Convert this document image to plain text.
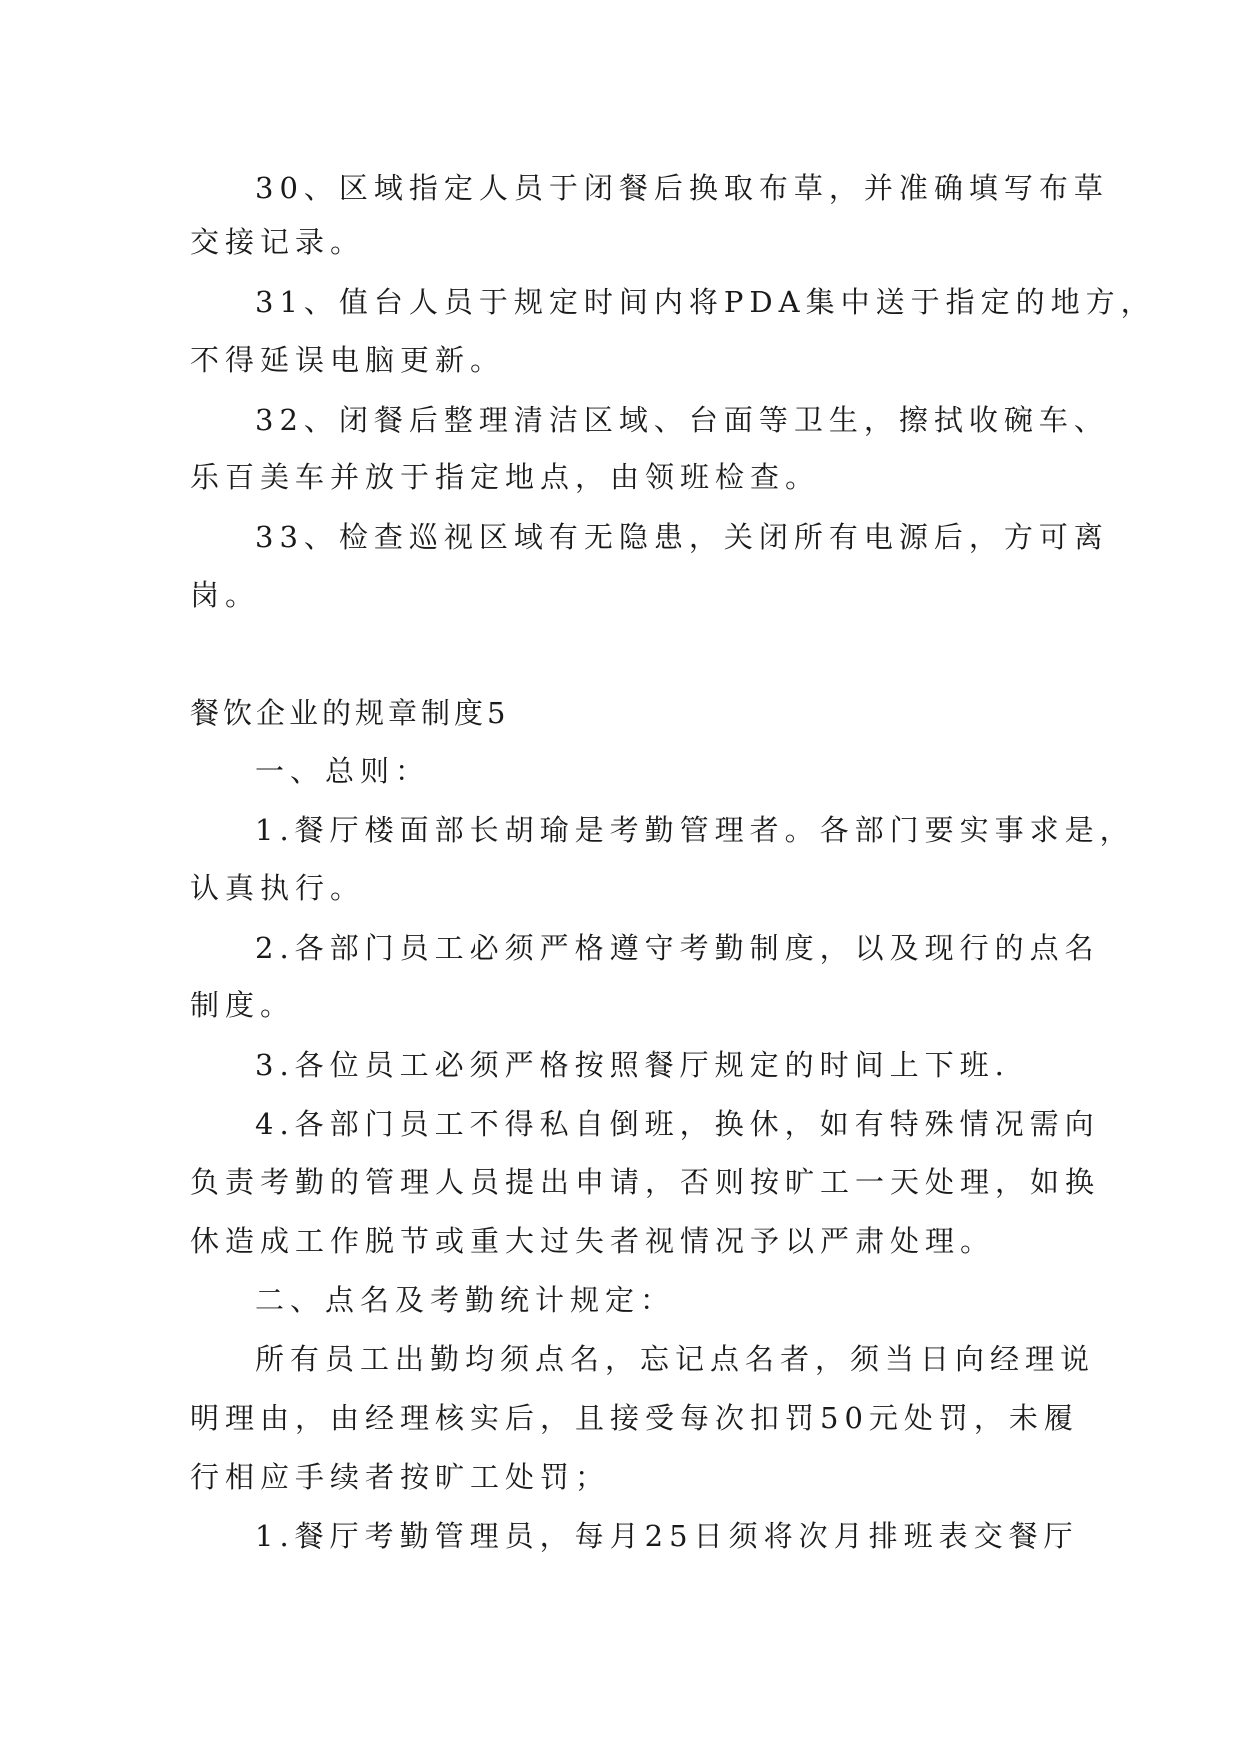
30、区域指定人员于闭餐后换取布草，并准确填写布草
交接记录。
31、值台人员于规定时间内将PDA集中送于指定的地方，
不得延误电脑更新。
32、闭餐后整理清洁区域、台面等卫生，擦拭收碗车、
乐百美车并放于指定地点，由领班检查。
33、检查巡视区域有无隐患，关闭所有电源后，方可离
岗。
餐饮企业的规章制度5
一、总则：
1.餐厅楼面部长胡瑜是考勤管理者。各部门要实事求是，
认真执行。
2.各部门员工必须严格遵守考勤制度，以及现行的点名
制度。
3.各位员工必须严格按照餐厅规定的时间上下班.
4.各部门员工不得私自倒班，换休，如有特殊情况需向
负责考勤的管理人员提出申请，否则按旷工一天处理，如换
休造成工作脱节或重大过失者视情况予以严肃处理。
二、点名及考勤统计规定：
所有员工出勤均须点名，忘记点名者，须当日向经理说
明理由，由经理核实后，且接受每次扣罚50元处罚，未履
行相应手续者按旷工处罚；
1.餐厅考勤管理员，每月25日须将次月排班表交餐厅
